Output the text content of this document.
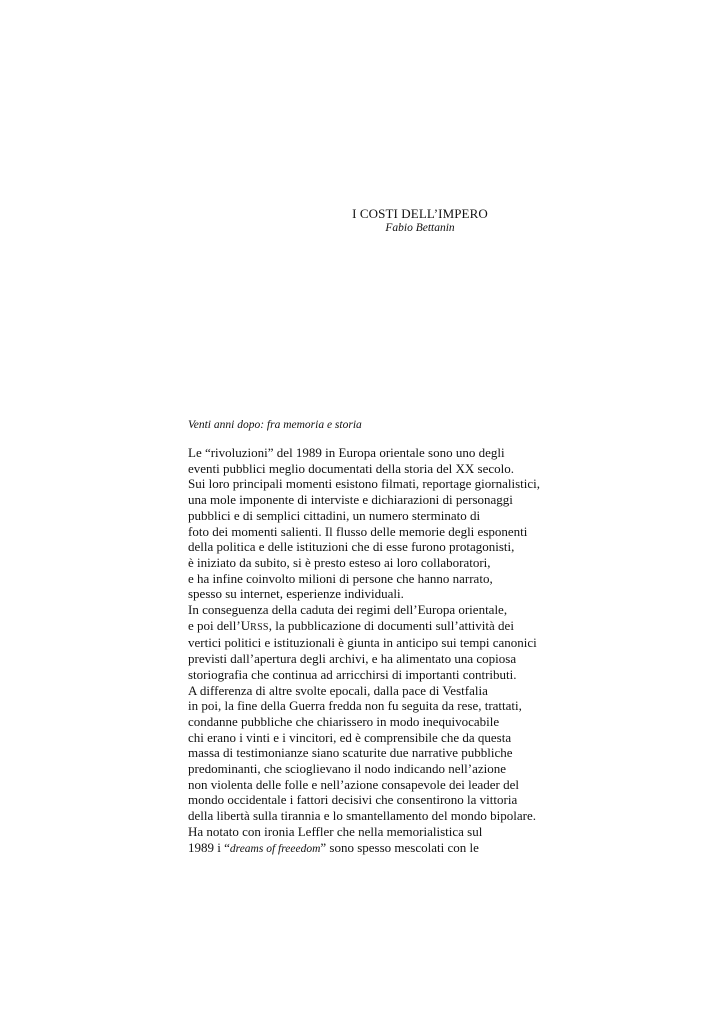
I COSTI DELL’IMPERO
Fabio Bettanin
Venti anni dopo: fra memoria e storia
Le “rivoluzioni” del 1989 in Europa orientale sono uno degli
eventi pubblici meglio documentati della storia del XX secolo.
Sui loro principali momenti esistono filmati, reportage giornalistici,
una mole imponente di interviste e dichiarazioni di personaggi
pubblici e di semplici cittadini, un numero sterminato di
foto dei momenti salienti. Il flusso delle memorie degli esponenti
della politica e delle istituzioni che di esse furono protagonisti,
è iniziato da subito, si è presto esteso ai loro collaboratori,
e ha infine coinvolto milioni di persone che hanno narrato,
spesso su internet, esperienze individuali.
In conseguenza della caduta dei regimi dell’Europa orientale,
e poi dell’URSS, la pubblicazione di documenti sull’attività dei
vertici politici e istituzionali è giunta in anticipo sui tempi canonici
previsti dall’apertura degli archivi, e ha alimentato una copiosa
storiografia che continua ad arricchirsi di importanti contributi.
A differenza di altre svolte epocali, dalla pace di Vestfalia
in poi, la fine della Guerra fredda non fu seguita da rese, trattati,
condanne pubbliche che chiarissero in modo inequivocabile
chi erano i vinti e i vincitori, ed è comprensibile che da questa
massa di testimonianze siano scaturite due narrative pubbliche
predominanti, che scioglievano il nodo indicando nell’azione
non violenta delle folle e nell’azione consapevole dei leader del
mondo occidentale i fattori decisivi che consentirono la vittoria
della libertà sulla tirannia e lo smantellamento del mondo bipolare.
Ha notato con ironia Leffler che nella memorialistica sul
1989 i “dreams of freeedom” sono spesso mescolati con le
